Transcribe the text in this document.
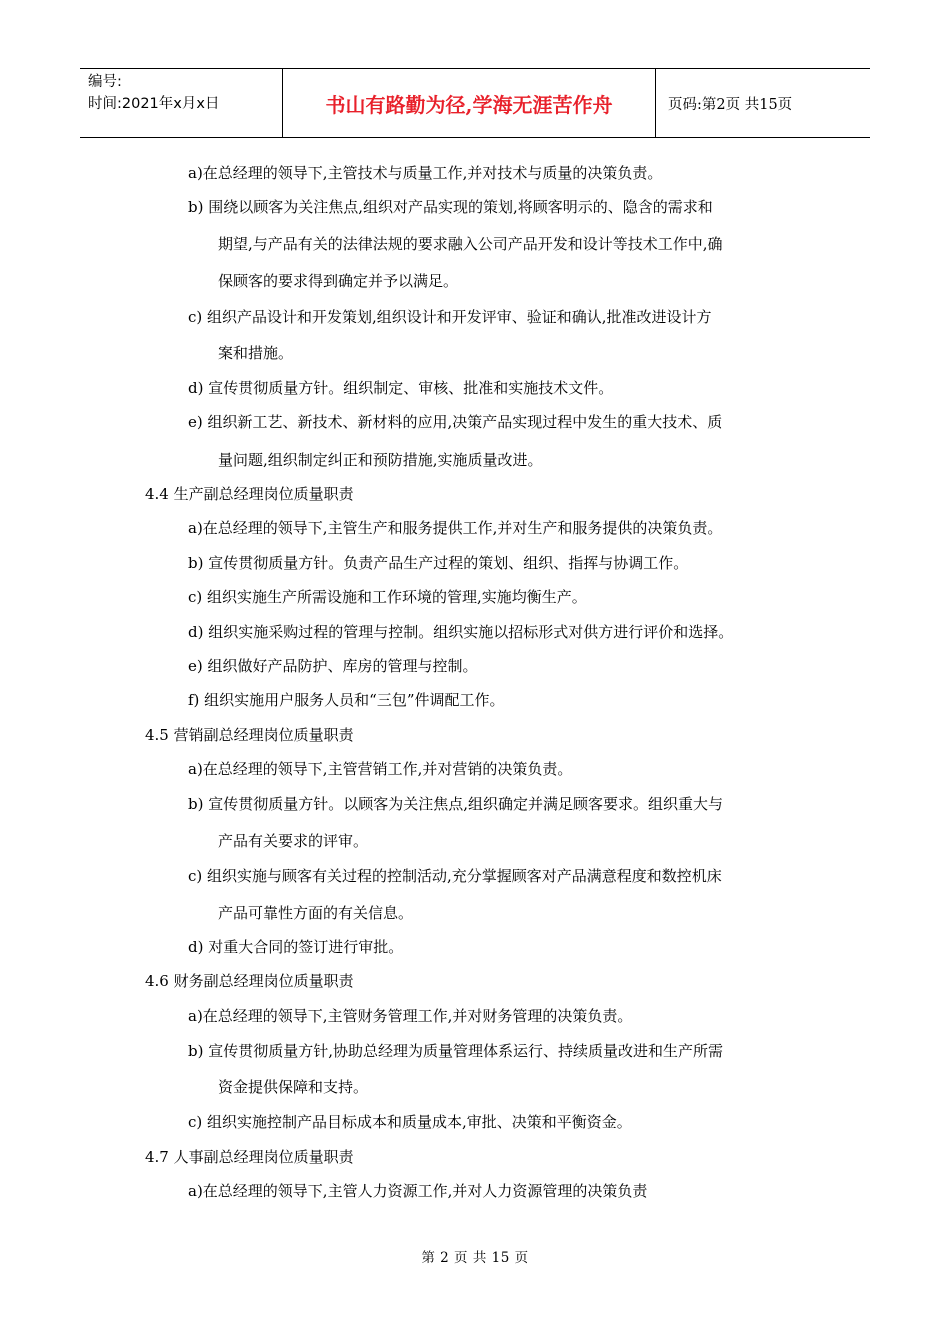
编号:
时间:2021年x月x日	书山有路勤为径,学海无涯苦作舟	页码:第2页 共15页
a)在总经理的领导下,主管技术与质量工作,并对技术与质量的决策负责。
b) 围绕以顾客为关注焦点,组织对产品实现的策划,将顾客明示的、隐含的需求和
期望,与产品有关的法律法规的要求融入公司产品开发和设计等技术工作中,确
保顾客的要求得到确定并予以满足。
c) 组织产品设计和开发策划,组织设计和开发评审、验证和确认,批准改进设计方
案和措施。
d) 宣传贯彻质量方针。组织制定、审核、批准和实施技术文件。
e) 组织新工艺、新技术、新材料的应用,决策产品实现过程中发生的重大技术、质
量问题,组织制定纠正和预防措施,实施质量改进。
4.4 生产副总经理岗位质量职责
a)在总经理的领导下,主管生产和服务提供工作,并对生产和服务提供的决策负责。
b) 宣传贯彻质量方针。负责产品生产过程的策划、组织、指挥与协调工作。
c) 组织实施生产所需设施和工作环境的管理,实施均衡生产。
d) 组织实施采购过程的管理与控制。组织实施以招标形式对供方进行评价和选择。
e) 组织做好产品防护、库房的管理与控制。
f) 组织实施用户服务人员和“三包”件调配工作。
4.5 营销副总经理岗位质量职责
a)在总经理的领导下,主管营销工作,并对营销的决策负责。
b) 宣传贯彻质量方针。以顾客为关注焦点,组织确定并满足顾客要求。组织重大与
产品有关要求的评审。
c) 组织实施与顾客有关过程的控制活动,充分掌握顾客对产品满意程度和数控机床
产品可靠性方面的有关信息。
d) 对重大合同的签订进行审批。
4.6 财务副总经理岗位质量职责
a)在总经理的领导下,主管财务管理工作,并对财务管理的决策负责。
b) 宣传贯彻质量方针,协助总经理为质量管理体系运行、持续质量改进和生产所需
资金提供保障和支持。
c) 组织实施控制产品目标成本和质量成本,审批、决策和平衡资金。
4.7 人事副总经理岗位质量职责
a)在总经理的领导下,主管人力资源工作,并对人力资源管理的决策负责
第 2 页 共 15 页
